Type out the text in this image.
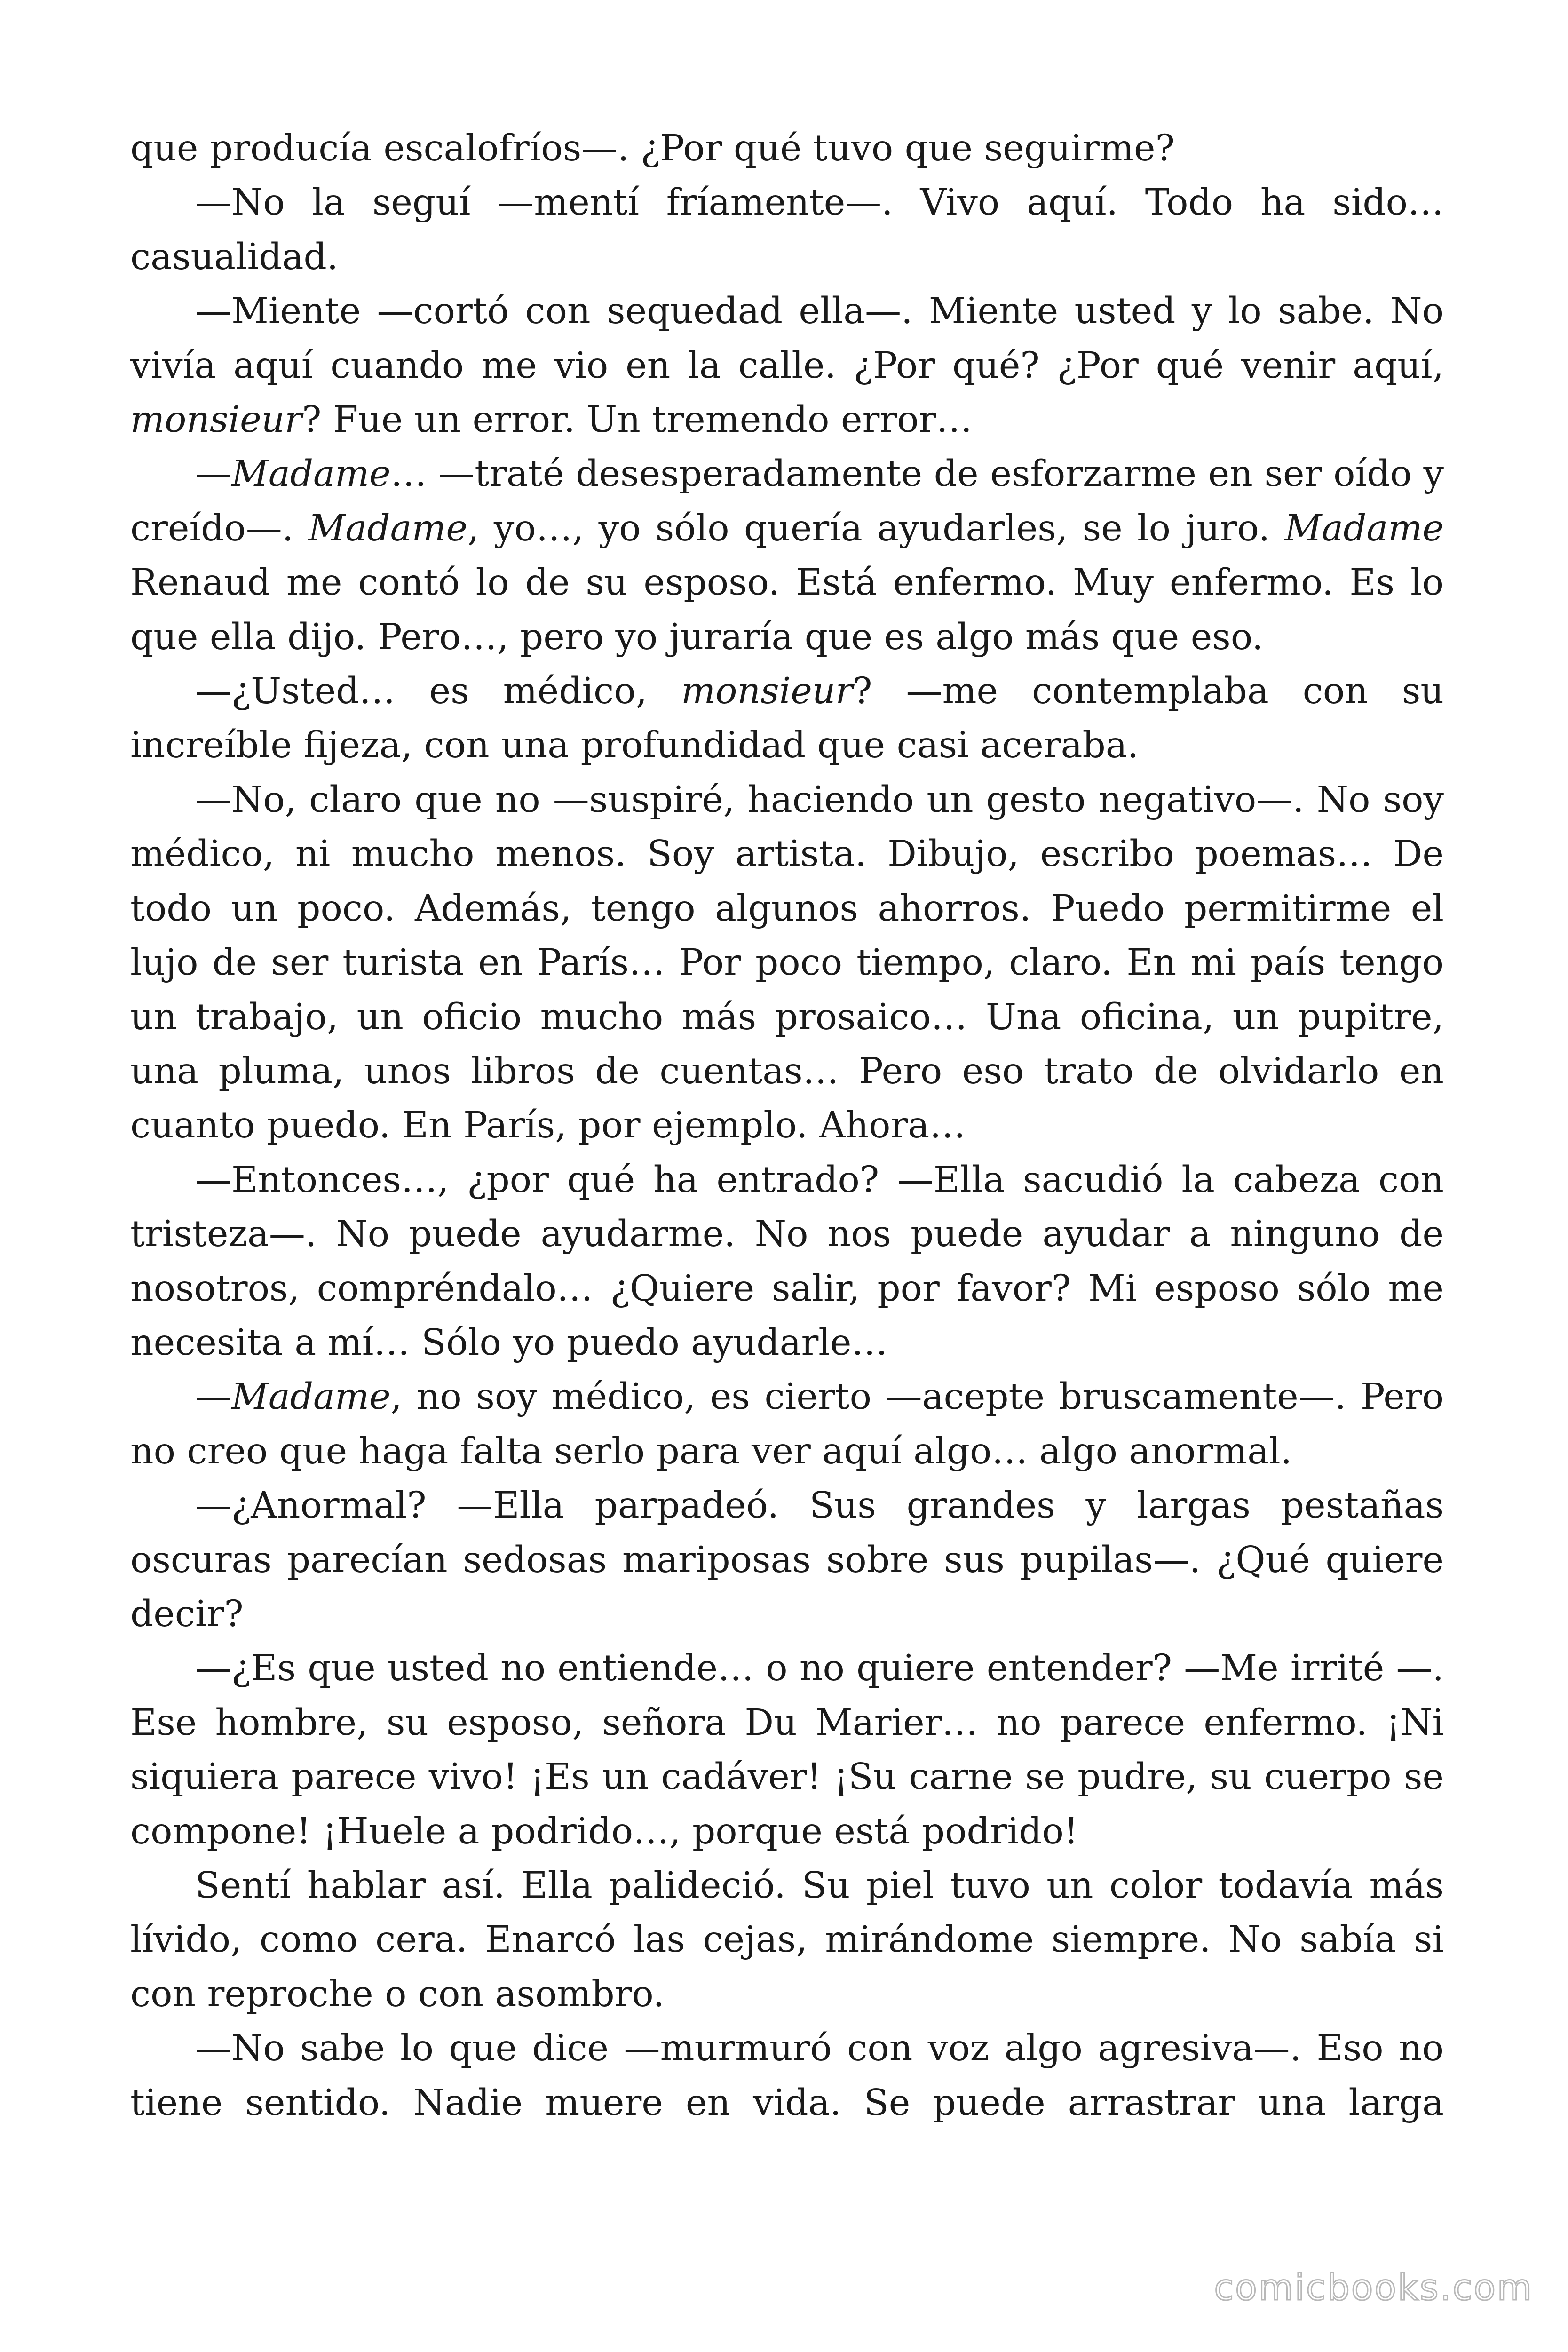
que producía escalofríos—. ¿Por qué tuvo que seguirme?

—No la seguí —mentí fríamente—. Vivo aquí. Todo ha sido… casualidad.

—Miente —cortó con sequedad ella—. Miente usted y lo sabe. No vivía aquí cuando me vio en la calle. ¿Por qué? ¿Por qué venir aquí, monsieur? Fue un error. Un tremendo error…

—Madame… —traté desesperadamente de esforzarme en ser oído y creído—. Madame, yo…, yo sólo quería ayudarles, se lo juro. Madame Renaud me contó lo de su esposo. Está enfermo. Muy enfermo. Es lo que ella dijo. Pero…, pero yo juraría que es algo más que eso.

—¿Usted… es médico, monsieur? —me contemplaba con su increíble fijeza, con una profundidad que casi aceraba.

—No, claro que no —suspiré, haciendo un gesto negativo—. No soy médico, ni mucho menos. Soy artista. Dibujo, escribo poemas… De todo un poco. Además, tengo algunos ahorros. Puedo permitirme el lujo de ser turista en París… Por poco tiempo, claro. En mi país tengo un trabajo, un oficio mucho más prosaico… Una oficina, un pupitre, una pluma, unos libros de cuentas… Pero eso trato de olvidarlo en cuanto puedo. En París, por ejemplo. Ahora…

—Entonces…, ¿por qué ha entrado? —Ella sacudió la cabeza con tristeza—. No puede ayudarme. No nos puede ayudar a ninguno de nosotros, compréndalo… ¿Quiere salir, por favor? Mi esposo sólo me necesita a mí… Sólo yo puedo ayudarle…

—Madame, no soy médico, es cierto —acepte bruscamente—. Pero no creo que haga falta serlo para ver aquí algo… algo anormal.

—¿Anormal? —Ella parpadeó. Sus grandes y largas pestañas oscuras parecían sedosas mariposas sobre sus pupilas—. ¿Qué quiere decir?

—¿Es que usted no entiende… o no quiere entender? —Me irrité —. Ese hombre, su esposo, señora Du Marier… no parece enfermo. ¡Ni siquiera parece vivo! ¡Es un cadáver! ¡Su carne se pudre, su cuerpo se compone! ¡Huele a podrido…, porque está podrido!

Sentí hablar así. Ella palideció. Su piel tuvo un color todavía más lívido, como cera. Enarcó las cejas, mirándome siempre. No sabía si con reproche o con asombro.

—No sabe lo que dice —murmuró con voz algo agresiva—. Eso no tiene sentido. Nadie muere en vida. Se puede arrastrar una larga

comicbooks.com
